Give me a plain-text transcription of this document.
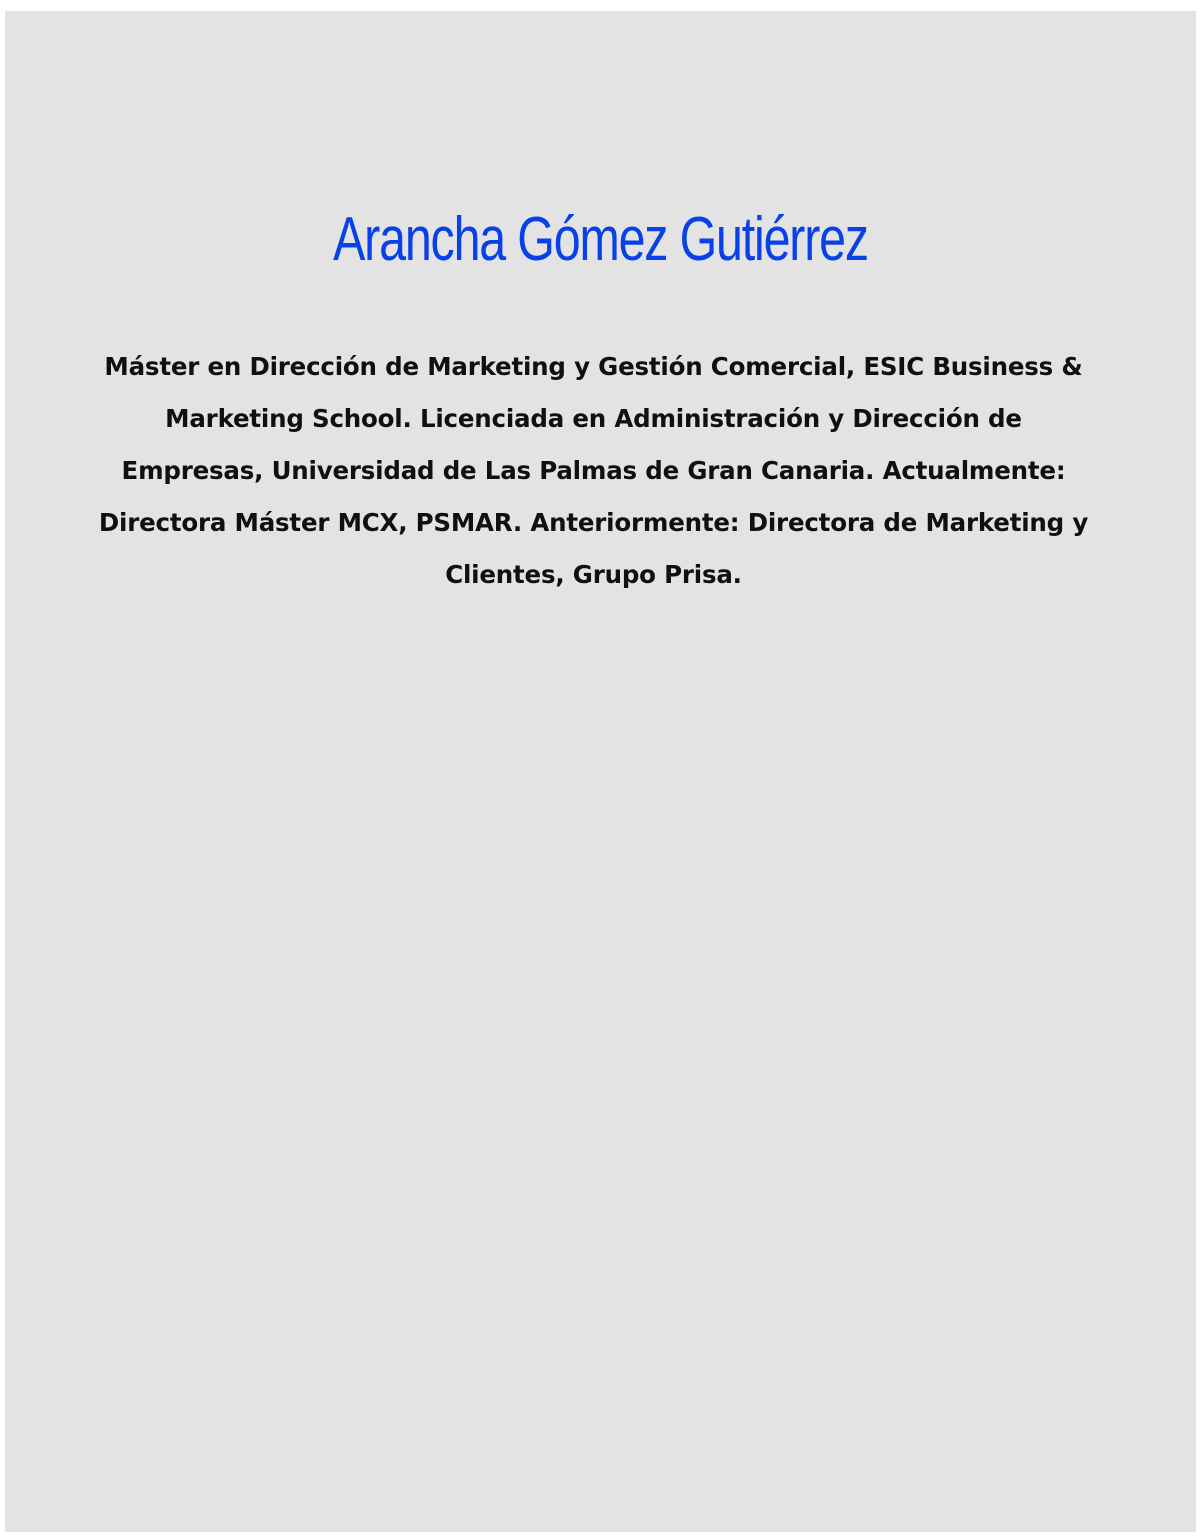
Arancha Gómez Gutiérrez

Máster en Dirección de Marketing y Gestión Comercial, ESIC Business & Marketing School. Licenciada en Administración y Dirección de Empresas, Universidad de Las Palmas de Gran Canaria. Actualmente: Directora Máster MCX, PSMAR. Anteriormente: Directora de Marketing y Clientes, Grupo Prisa.
